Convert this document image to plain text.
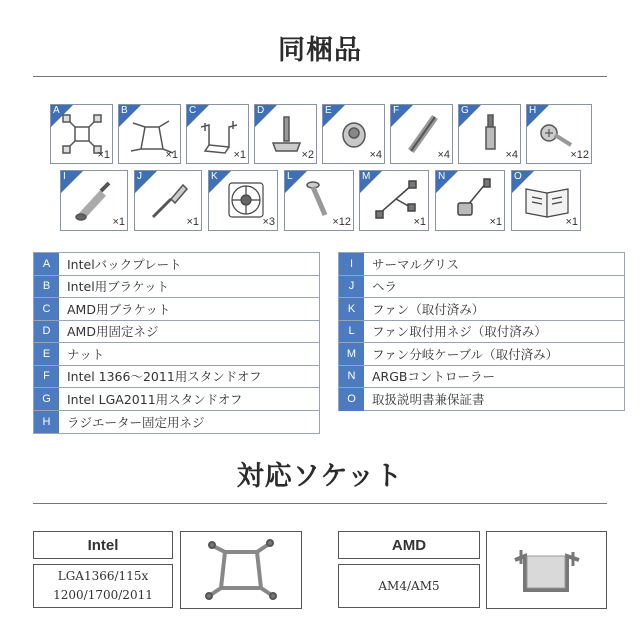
同梱品
A
×1
B
×1
C
×1
D
×2
E
×4
F
×4
G
×4
H
×12
I
×1
J
×1
K
×3
L
×12
M
×1
N
×1
O
×1
A	Intelバックプレート
B	Intel用ブラケット
C	AMD用ブラケット
D	AMD用固定ネジ
E	ナット
F	Intel 1366〜2011用スタンドオフ
G	Intel LGA2011用スタンドオフ
H	ラジエーター固定用ネジ
I	サーマルグリス
J	ヘラ
K	ファン（取付済み）
L	ファン取付用ネジ（取付済み）
M	ファン分岐ケーブル（取付済み）
N	ARGBコントローラー
O	取扱説明書兼保証書
対応ソケット
Intel
LGA1366/115x
1200/1700/2011
AMD
AM4/AM5
